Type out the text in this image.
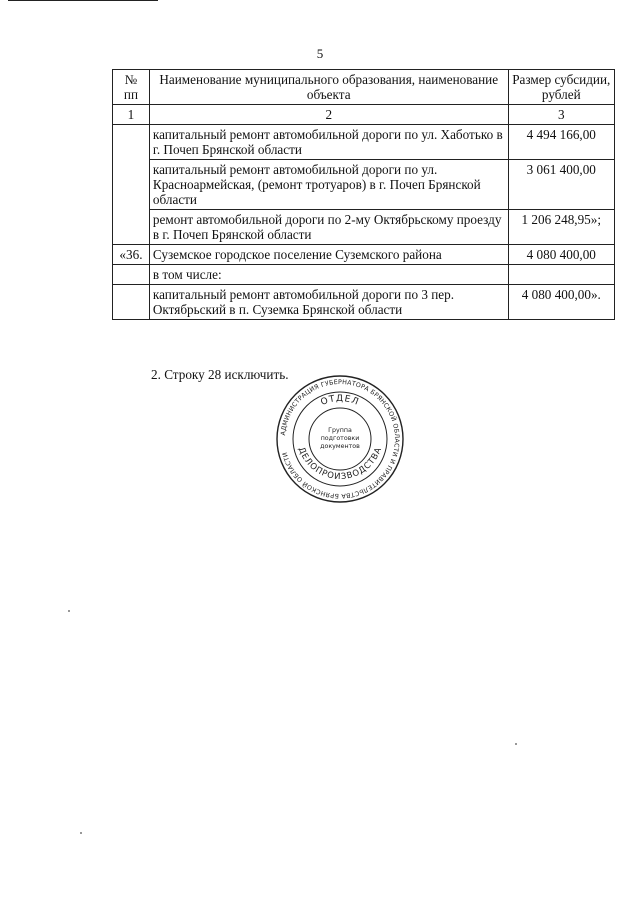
5
№ пп	Наименование муниципального образования, наименование объекта	Размер субсидии, рублей
1	2	3
	капитальный ремонт автомобильной дороги по ул. Хаботько в г. Почеп Брянской области	4 494 166,00
	капитальный ремонт автомобильной дороги по ул. Красноармейская, (ремонт тротуаров) в г. Почеп Брянской области	3 061 400,00
	ремонт автомобильной дороги по 2-му Октябрьскому проезду в г. Почеп Брянской области	1 206 248,95»;
«36.	Суземское городское поселение Суземского района	4 080 400,00
	в том числе:	
	капитальный ремонт автомобильной дороги по 3 пер. Октябрьский в п. Суземка Брянской области	4 080 400,00».
2. Строку 28 исключить.
АДМИНИСТРАЦИЯ ГУБЕРНАТОРА БРЯНСКОЙ ОБЛАСТИ И ПРАВИТЕЛЬСТВА БРЯНСКОЙ ОБЛАСТИ
ОТДЕЛ
ДЕЛОПРОИЗВОДСТВА
Группа
подготовки
документов
